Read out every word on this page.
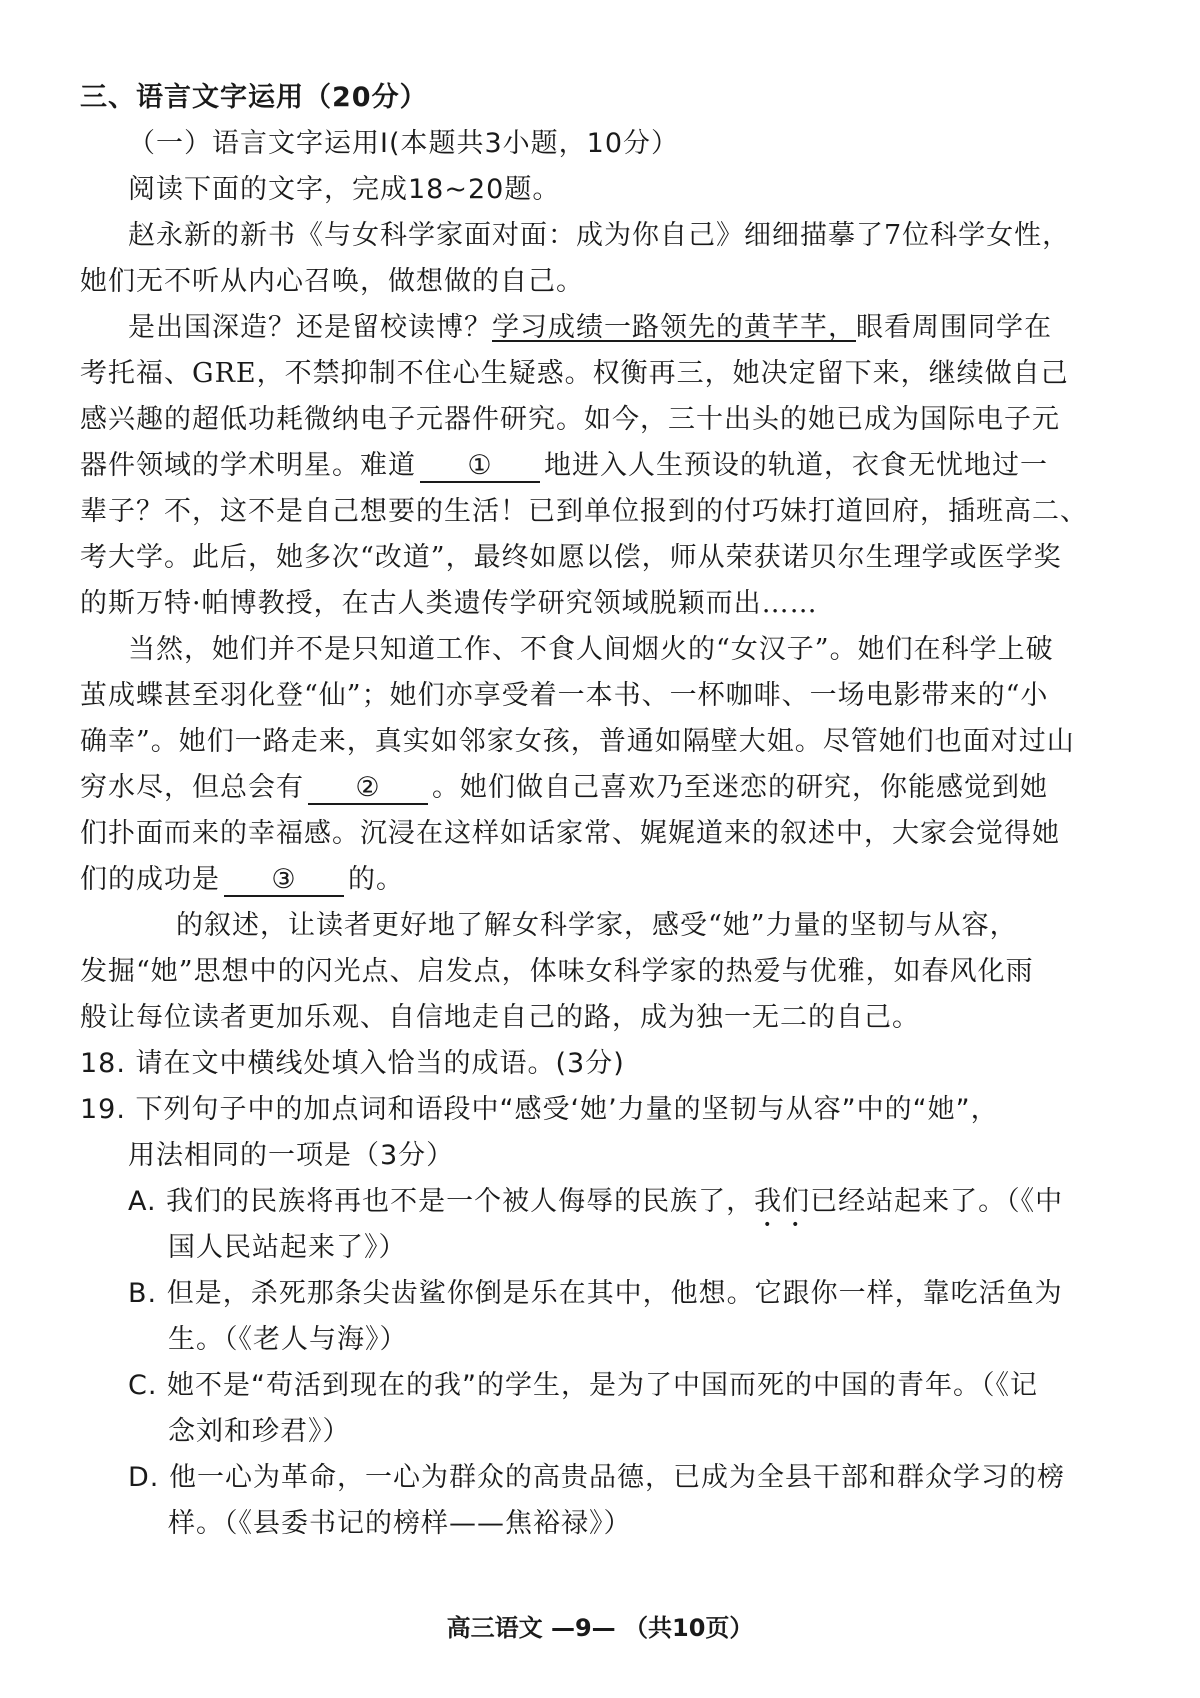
三、语言文字运用（20分）

（一）语言文字运用Ⅰ(本题共3小题，10分）

阅读下面的文字，完成18~20题。

赵永新的新书《与女科学家面对面：成为你自己》细细描摹了7位科学女性，

她们无不听从内心召唤，做想做的自己。

是出国深造？还是留校读博？学习成绩一路领先的黄芊芊，眼看周围同学在

考托福、GRE，不禁抑制不住心生疑惑。权衡再三，她决定留下来，继续做自己

感兴趣的超低功耗微纳电子元器件研究。如今，三十出头的她已成为国际电子元

器件领域的学术明星。难道 ① 地进入人生预设的轨道，衣食无忧地过一

辈子？不，这不是自己想要的生活！已到单位报到的付巧妹打道回府，插班高二、

考大学。此后，她多次“改道”，最终如愿以偿，师从荣获诺贝尔生理学或医学奖

的斯万特·帕博教授，在古人类遗传学研究领域脱颖而出……

当然，她们并不是只知道工作、不食人间烟火的“女汉子”。她们在科学上破

茧成蝶甚至羽化登“仙”；她们亦享受着一本书、一杯咖啡、一场电影带来的“小

确幸”。她们一路走来，真实如邻家女孩，普通如隔壁大姐。尽管她们也面对过山

穷水尽，但总会有 ② 。她们做自己喜欢乃至迷恋的研究，你能感觉到她

们扑面而来的幸福感。沉浸在这样如话家常、娓娓道来的叙述中，大家会觉得她

们的成功是 ③ 的。

的叙述，让读者更好地了解女科学家，感受“她”力量的坚韧与从容，

发掘“她”思想中的闪光点、启发点，体味女科学家的热爱与优雅，如春风化雨

般让每位读者更加乐观、自信地走自己的路，成为独一无二的自己。

18. 请在文中横线处填入恰当的成语。(3分)

19. 下列句子中的加点词和语段中“感受‘她’力量的坚韧与从容”中的“她”，

用法相同的一项是（3分）

A. 我们的民族将再也不是一个被人侮辱的民族了，我们已经站起来了。（《中

国人民站起来了》）

B. 但是，杀死那条尖齿鲨你倒是乐在其中，他想。它跟你一样，靠吃活鱼为

生。（《老人与海》）

C. 她不是“苟活到现在的我”的学生，是为了中国而死的中国的青年。（《记

念刘和珍君》）

D. 他一心为革命，一心为群众的高贵品德，已成为全县干部和群众学习的榜

样。（《县委书记的榜样——焦裕禄》）

高三语文 —9— （共10页）
